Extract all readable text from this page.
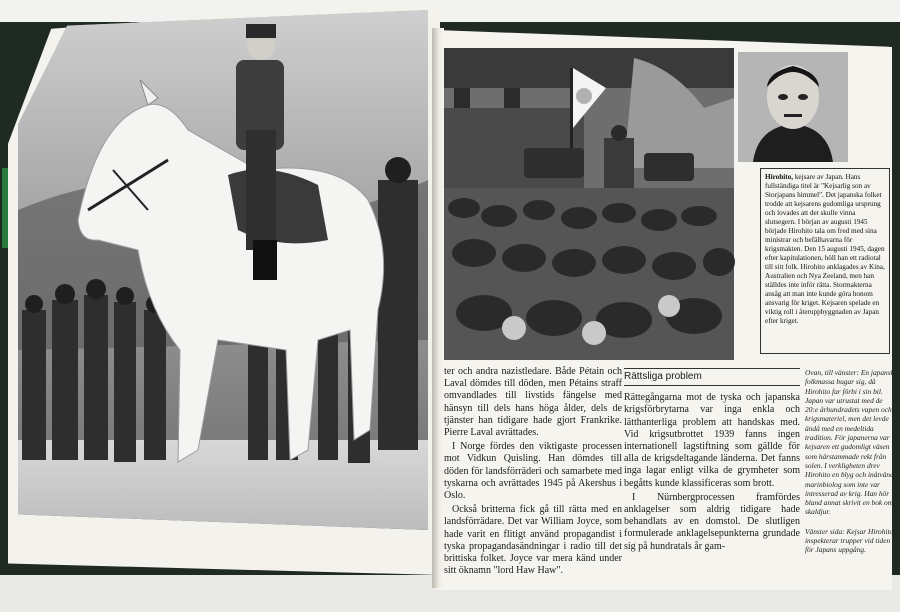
Hirohito, kejsare av Japan. Hans fullständiga titel är "Kejsarlig son av Storjapans himmel". Det japanska folket trodde att kejsarens gudomliga ursprung och lovades att det skulle vinna slutsegern. I början av augusti 1945 började Hirohito tala om fred med sina ministrar och befälhavarna för krigsmakten. Den 15 augusti 1945, dagen efter kapitulationen, höll han ett radiotal till sitt folk. Hirohito anklagades av Kina, Australien och Nya Zeeland, men han ställdes inte inför rätta. Stormakterna ansåg att man inte kunde göra honom ansvarig för kriget. Kejsaren spelade en viktig roll i återuppbyggnaden av Japan efter kriget.

ter och andra nazistledare. Både Pétain och Laval dömdes till döden, men Pétains straff omvandlades till livstids fängelse med hänsyn till dels hans höga ålder, dels de tjänster han tidigare hade gjort Frankrike. Pierre Laval avrättades.

I Norge fördes den viktigaste processen mot Vidkun Quisling. Han dömdes till döden för landsförräderi och samarbete med tyskarna och avrättades 1945 på Akershus i Oslo.

Också britterna fick gå till rätta med en landsförrädare. Det var William Joyce, som hade varit en flitigt använd propagandist i tyska propagandasändningar i radio till det brittiska folket. Joyce var mera känd under sitt öknamn "lord Haw Haw".

Rättsliga problem

Rättegångarna mot de tyska och japanska krigsförbrytarna var inga enkla och lätthanterliga problem att handskas med. Vid krigsutbrottet 1939 fanns ingen internationell lagstiftning som gällde för alla de krigsdeltagande länderna. Det fanns inga lagar enligt vilka de grymheter som begåtts kunde klassificeras som brott.

I Nürnbergprocessen framfördes anklagelser som aldrig tidigare hade behandlats av en domstol. De slutligen formulerade anklagelsepunkterna grundade sig på hundratals år gam-

Ovan, till vänster: En japansk folkmassa bugar sig, då Hirohito far förbi i sin bil. Japan var utrustat med de 20:e århundradets vapen och krigsmateriel, men det levde ändå med en medeltida tradition. För japanerna var kejsaren ett gudomligt väsen som härstammade rekt från solen. I verkligheten drev Hirohito en blyg och inåtvänd marinbiolog som inte var intresserad av krig. Han hör bland annat skrivit en bok om skaldjur.

Vänster sida: Kejsar Hirohito inspekterar trupper vid tiden för Japans uppgång.
